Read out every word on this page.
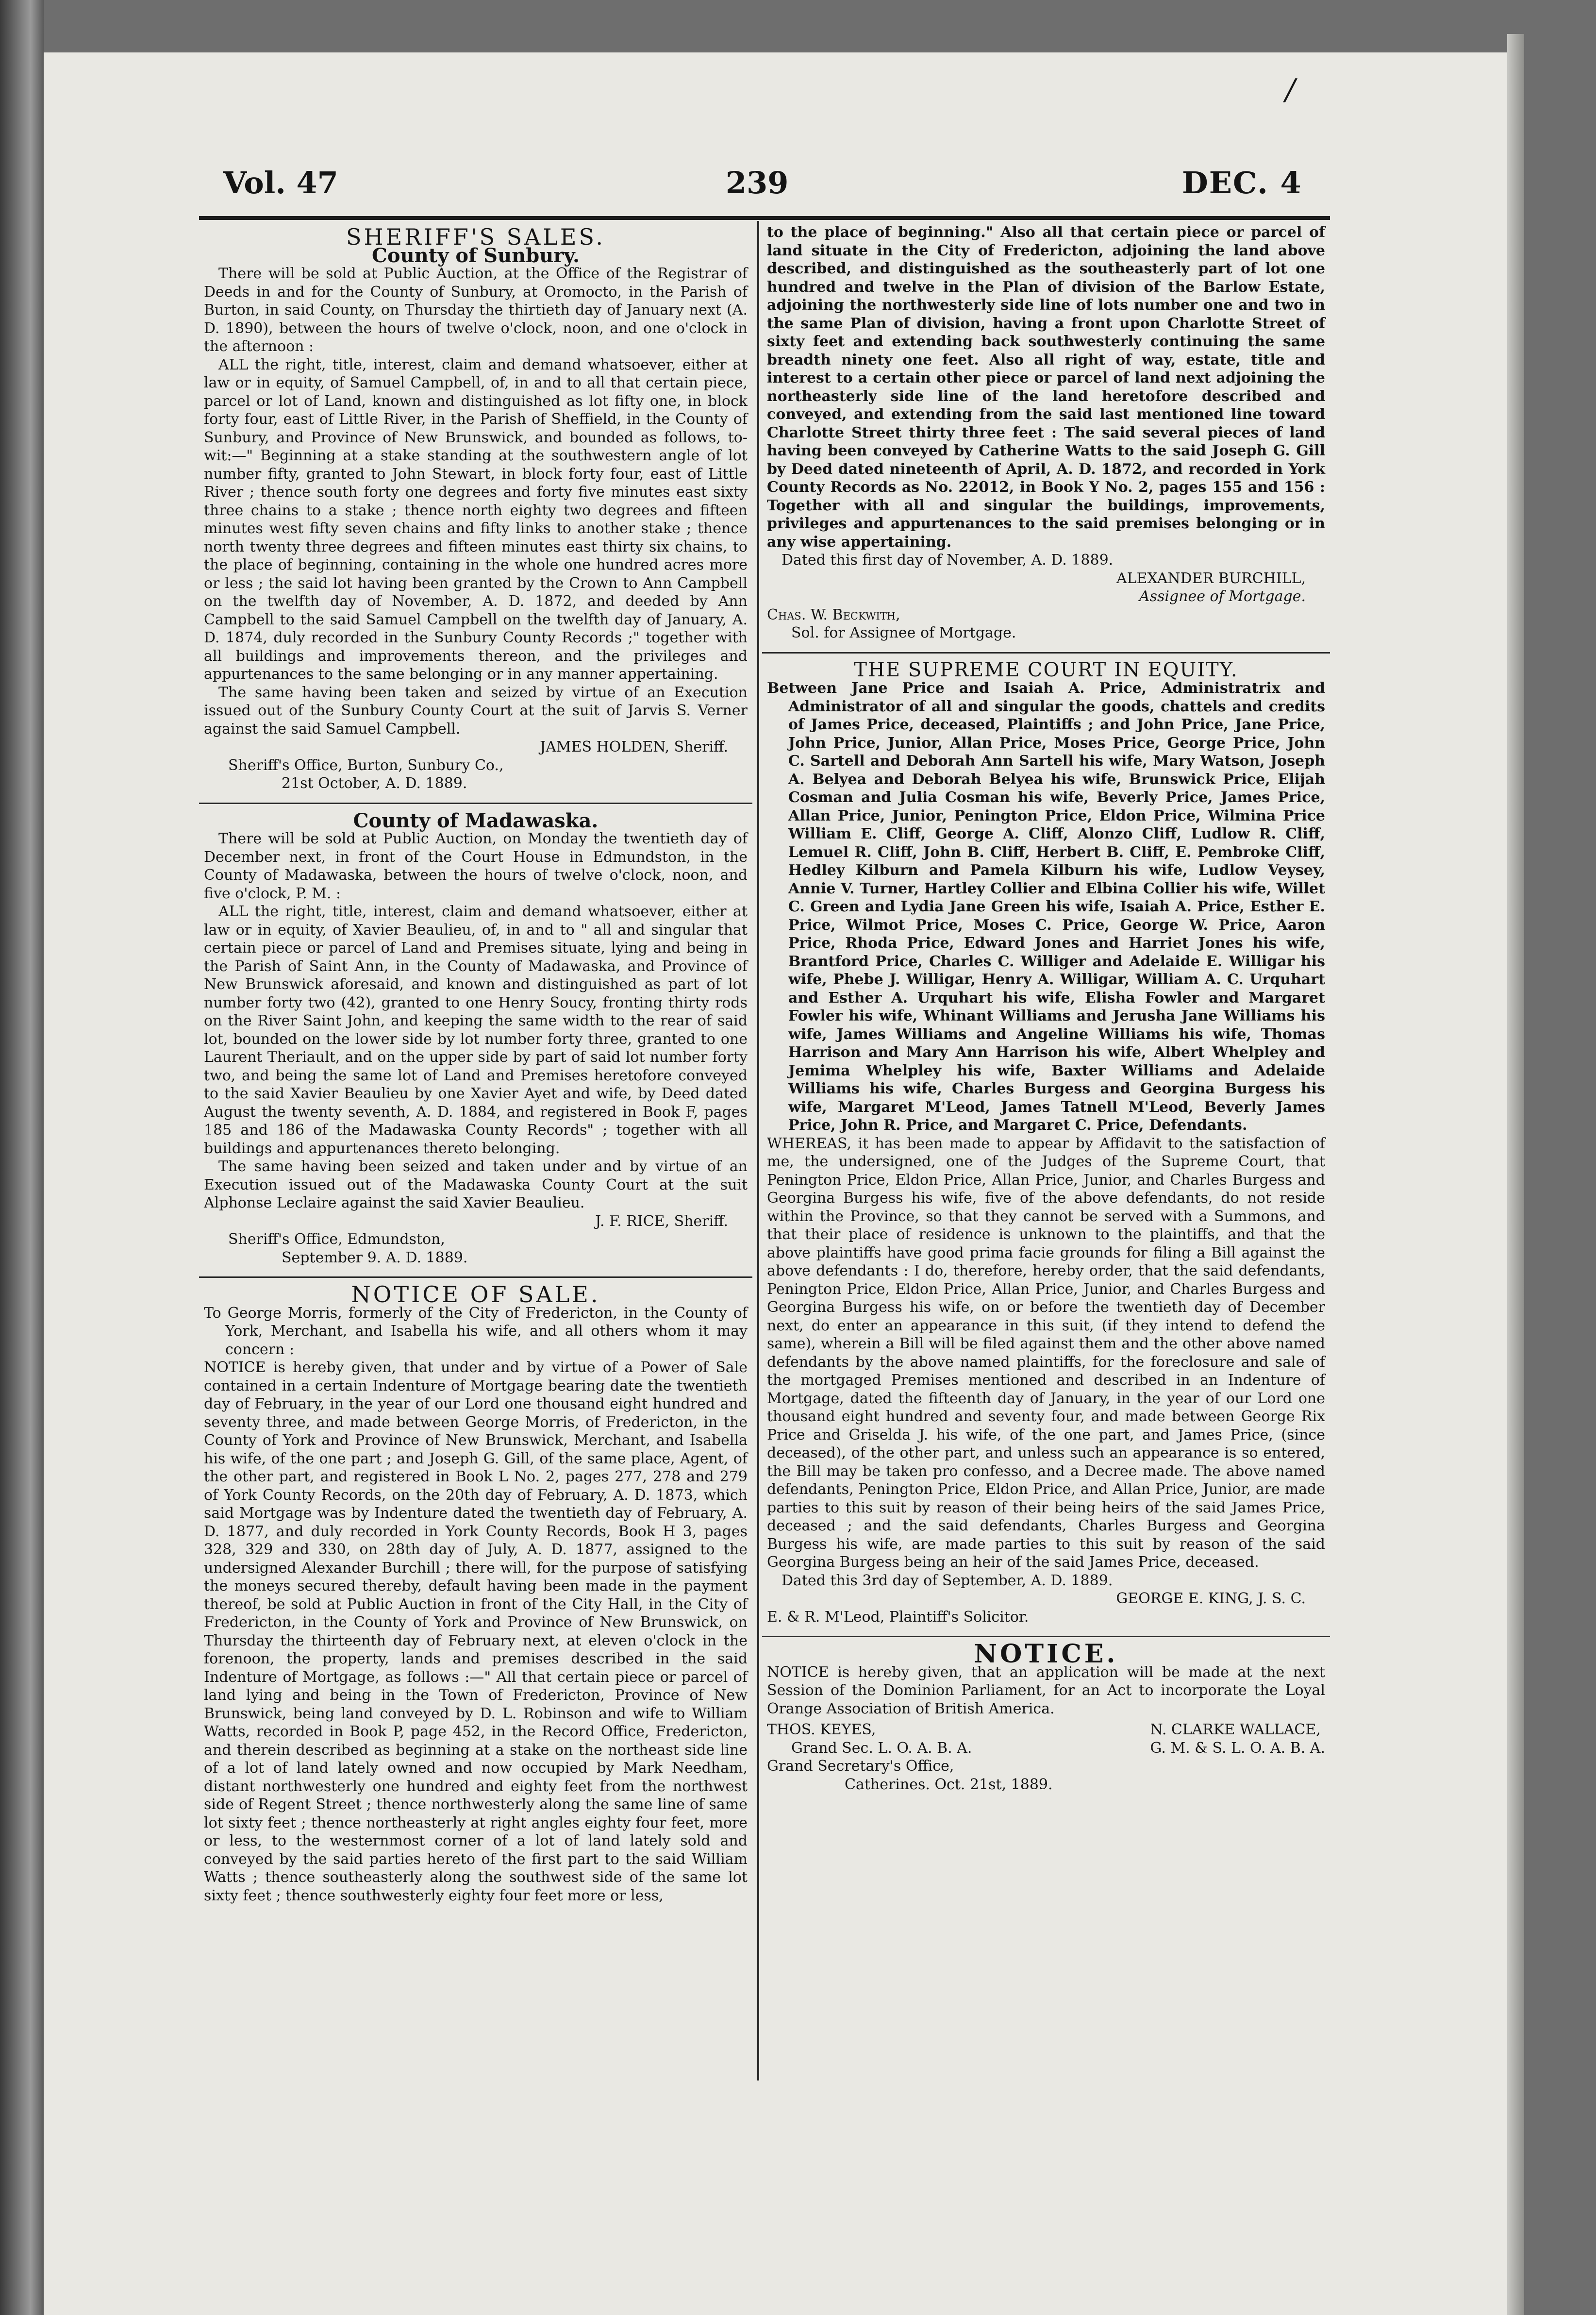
/
Vol. 47	239	DEC. 4

SHERIFF'S SALES.

County of Sunbury.

There will be sold at Public Auction, at the Office of the Registrar of Deeds in and for the County of Sunbury, at Oromocto, in the Parish of Burton, in said County, on Thursday the thirtieth day of January next (A. D. 1890), between the hours of twelve o'clock, noon, and one o'clock in the afternoon :

ALL the right, title, interest, claim and demand whatsoever, either at law or in equity, of Samuel Campbell, of, in and to all that certain piece, parcel or lot of Land, known and distinguished as lot fifty one, in block forty four, east of Little River, in the Parish of Sheffield, in the County of Sunbury, and Province of New Brunswick, and bounded as follows, to-wit:—" Beginning at a stake standing at the southwestern angle of lot number fifty, granted to John Stewart, in block forty four, east of Little River ; thence south forty one degrees and forty five minutes east sixty three chains to a stake ; thence north eighty two degrees and fifteen minutes west fifty seven chains and fifty links to another stake ; thence north twenty three degrees and fifteen minutes east thirty six chains, to the place of beginning, containing in the whole one hundred acres more or less ; the said lot having been granted by the Crown to Ann Campbell on the twelfth day of November, A. D. 1872, and deeded by Ann Campbell to the said Samuel Campbell on the twelfth day of January, A. D. 1874, duly recorded in the Sunbury County Records ;" together with all buildings and improvements thereon, and the privileges and appurtenances to the same belonging or in any manner appertaining.

The same having been taken and seized by virtue of an Execution issued out of the Sunbury County Court at the suit of Jarvis S. Verner against the said Samuel Campbell.

JAMES HOLDEN, Sheriff.

Sheriff's Office, Burton, Sunbury Co.,

21st October, A. D. 1889.

County of Madawaska.

There will be sold at Public Auction, on Monday the twentieth day of December next, in front of the Court House in Edmundston, in the County of Madawaska, between the hours of twelve o'clock, noon, and five o'clock, P. M. :

ALL the right, title, interest, claim and demand whatsoever, either at law or in equity, of Xavier Beaulieu, of, in and to " all and singular that certain piece or parcel of Land and Premises situate, lying and being in the Parish of Saint Ann, in the County of Madawaska, and Province of New Brunswick aforesaid, and known and distinguished as part of lot number forty two (42), granted to one Henry Soucy, fronting thirty rods on the River Saint John, and keeping the same width to the rear of said lot, bounded on the lower side by lot number forty three, granted to one Laurent Theriault, and on the upper side by part of said lot number forty two, and being the same lot of Land and Premises heretofore conveyed to the said Xavier Beaulieu by one Xavier Ayet and wife, by Deed dated August the twenty seventh, A. D. 1884, and registered in Book F, pages 185 and 186 of the Madawaska County Records" ; together with all buildings and appurtenances thereto belonging.

The same having been seized and taken under and by virtue of an Execution issued out of the Madawaska County Court at the suit Alphonse Leclaire against the said Xavier Beaulieu.

J. F. RICE, Sheriff.

Sheriff's Office, Edmundston,

September 9. A. D. 1889.

NOTICE OF SALE.

To George Morris, formerly of the City of Fredericton, in the County of York, Merchant, and Isabella his wife, and all others whom it may concern :

NOTICE is hereby given, that under and by virtue of a Power of Sale contained in a certain Indenture of Mortgage bearing date the twentieth day of February, in the year of our Lord one thousand eight hundred and seventy three, and made between George Morris, of Fredericton, in the County of York and Province of New Brunswick, Merchant, and Isabella his wife, of the one part ; and Joseph G. Gill, of the same place, Agent, of the other part, and registered in Book L No. 2, pages 277, 278 and 279 of York County Records, on the 20th day of February, A. D. 1873, which said Mortgage was by Indenture dated the twentieth day of February, A. D. 1877, and duly recorded in York County Records, Book H 3, pages 328, 329 and 330, on 28th day of July, A. D. 1877, assigned to the undersigned Alexander Burchill ; there will, for the purpose of satisfying the moneys secured thereby, default having been made in the payment thereof, be sold at Public Auction in front of the City Hall, in the City of Fredericton, in the County of York and Province of New Brunswick, on Thursday the thirteenth day of February next, at eleven o'clock in the forenoon, the property, lands and premises described in the said Indenture of Mortgage, as follows :—" All that certain piece or parcel of land lying and being in the Town of Fredericton, Province of New Brunswick, being land conveyed by D. L. Robinson and wife to William Watts, recorded in Book P, page 452, in the Record Office, Fredericton, and therein described as beginning at a stake on the northeast side line of a lot of land lately owned and now occupied by Mark Needham, distant northwesterly one hundred and eighty feet from the northwest side of Regent Street ; thence northwesterly along the same line of same lot sixty feet ; thence northeasterly at right angles eighty four feet, more or less, to the westernmost corner of a lot of land lately sold and conveyed by the said parties hereto of the first part to the said William Watts ; thence southeasterly along the southwest side of the same lot sixty feet ; thence southwesterly eighty four feet more or less,

to the place of beginning." Also all that certain piece or parcel of land situate in the City of Fredericton, adjoining the land above described, and distinguished as the southeasterly part of lot one hundred and twelve in the Plan of division of the Barlow Estate, adjoining the northwesterly side line of lots number one and two in the same Plan of division, having a front upon Charlotte Street of sixty feet and extending back southwesterly continuing the same breadth ninety one feet. Also all right of way, estate, title and interest to a certain other piece or parcel of land next adjoining the northeasterly side line of the land heretofore described and conveyed, and extending from the said last mentioned line toward Charlotte Street thirty three feet : The said several pieces of land having been conveyed by Catherine Watts to the said Joseph G. Gill by Deed dated nineteenth of April, A. D. 1872, and recorded in York County Records as No. 22012, in Book Y No. 2, pages 155 and 156 : Together with all and singular the buildings, improvements, privileges and appurtenances to the said premises belonging or in any wise appertaining.

Dated this first day of November, A. D. 1889.

ALEXANDER BURCHILL,

Assignee of Mortgage.

Chas. W. Beckwith,

Sol. for Assignee of Mortgage.

THE SUPREME COURT IN EQUITY.

Between Jane Price and Isaiah A. Price, Administratrix and Administrator of all and singular the goods, chattels and credits of James Price, deceased, Plaintiffs ; and John Price, Jane Price, John Price, Junior, Allan Price, Moses Price, George Price, John C. Sartell and Deborah Ann Sartell his wife, Mary Watson, Joseph A. Belyea and Deborah Belyea his wife, Brunswick Price, Elijah Cosman and Julia Cosman his wife, Beverly Price, James Price, Allan Price, Junior, Penington Price, Eldon Price, Wilmina Price William E. Cliff, George A. Cliff, Alonzo Cliff, Ludlow R. Cliff, Lemuel R. Cliff, John B. Cliff, Herbert B. Cliff, E. Pembroke Cliff, Hedley Kilburn and Pamela Kilburn his wife, Ludlow Veysey, Annie V. Turner, Hartley Collier and Elbina Collier his wife, Willet C. Green and Lydia Jane Green his wife, Isaiah A. Price, Esther E. Price, Wilmot Price, Moses C. Price, George W. Price, Aaron Price, Rhoda Price, Edward Jones and Harriet Jones his wife, Brantford Price, Charles C. Williger and Adelaide E. Willigar his wife, Phebe J. Willigar, Henry A. Willigar, William A. C. Urquhart and Esther A. Urquhart his wife, Elisha Fowler and Margaret Fowler his wife, Whinant Williams and Jerusha Jane Williams his wife, James Williams and Angeline Williams his wife, Thomas Harrison and Mary Ann Harrison his wife, Albert Whelpley and Jemima Whelpley his wife, Baxter Williams and Adelaide Williams his wife, Charles Burgess and Georgina Burgess his wife, Margaret M'Leod, James Tatnell M'Leod, Beverly James Price, John R. Price, and Margaret C. Price, Defendants.

WHEREAS, it has been made to appear by Affidavit to the satisfaction of me, the undersigned, one of the Judges of the Supreme Court, that Penington Price, Eldon Price, Allan Price, Junior, and Charles Burgess and Georgina Burgess his wife, five of the above defendants, do not reside within the Province, so that they cannot be served with a Summons, and that their place of residence is unknown to the plaintiffs, and that the above plaintiffs have good prima facie grounds for filing a Bill against the above defendants : I do, therefore, hereby order, that the said defendants, Penington Price, Eldon Price, Allan Price, Junior, and Charles Burgess and Georgina Burgess his wife, on or before the twentieth day of December next, do enter an appearance in this suit, (if they intend to defend the same), wherein a Bill will be filed against them and the other above named defendants by the above named plaintiffs, for the foreclosure and sale of the mortgaged Premises mentioned and described in an Indenture of Mortgage, dated the fifteenth day of January, in the year of our Lord one thousand eight hundred and seventy four, and made between George Rix Price and Griselda J. his wife, of the one part, and James Price, (since deceased), of the other part, and unless such an appearance is so entered, the Bill may be taken pro confesso, and a Decree made. The above named defendants, Penington Price, Eldon Price, and Allan Price, Junior, are made parties to this suit by reason of their being heirs of the said James Price, deceased ; and the said defendants, Charles Burgess and Georgina Burgess his wife, are made parties to this suit by reason of the said Georgina Burgess being an heir of the said James Price, deceased.

Dated this 3rd day of September, A. D. 1889.

GEORGE E. KING, J. S. C.

E. & R. M'Leod, Plaintiff's Solicitor.

NOTICE.

NOTICE is hereby given, that an application will be made at the next Session of the Dominion Parliament, for an Act to incorporate the Loyal Orange Association of British America.

THOS. KEYES,
Grand Sec. L. O. A. B. A.
N. CLARKE WALLACE,
G. M. & S. L. O. A. B. A.

Grand Secretary's Office,

Catherines. Oct. 21st, 1889.
